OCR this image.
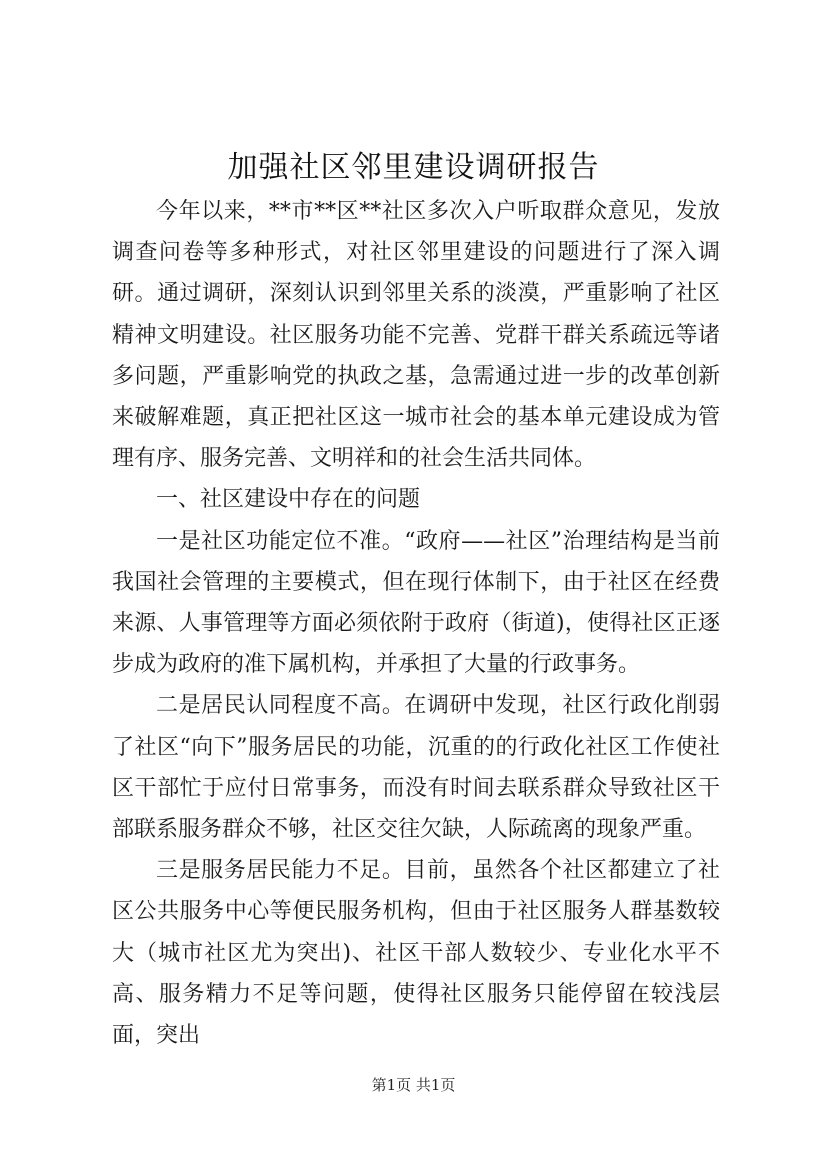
加强社区邻里建设调研报告

今年以来，**市**区**社区多次入户听取群众意见，发放调查问卷等多种形式，对社区邻里建设的问题进行了深入调研。通过调研，深刻认识到邻里关系的淡漠，严重影响了社区精神文明建设。社区服务功能不完善、党群干群关系疏远等诸多问题，严重影响党的执政之基，急需通过进一步的改革创新来破解难题，真正把社区这一城市社会的基本单元建设成为管理有序、服务完善、文明祥和的社会生活共同体。

一、社区建设中存在的问题

一是社区功能定位不准。“政府——社区”治理结构是当前我国社会管理的主要模式，但在现行体制下，由于社区在经费来源、人事管理等方面必须依附于政府（街道)，使得社区正逐步成为政府的准下属机构，并承担了大量的行政事务。

二是居民认同程度不高。在调研中发现，社区行政化削弱了社区“向下”服务居民的功能，沉重的的行政化社区工作使社区干部忙于应付日常事务，而没有时间去联系群众导致社区干部联系服务群众不够，社区交往欠缺，人际疏离的现象严重。

三是服务居民能力不足。目前，虽然各个社区都建立了社区公共服务中心等便民服务机构，但由于社区服务人群基数较大（城市社区尤为突出)、社区干部人数较少、专业化水平不高、服务精力不足等问题，使得社区服务只能停留在较浅层面，突出

第1页 共1页
